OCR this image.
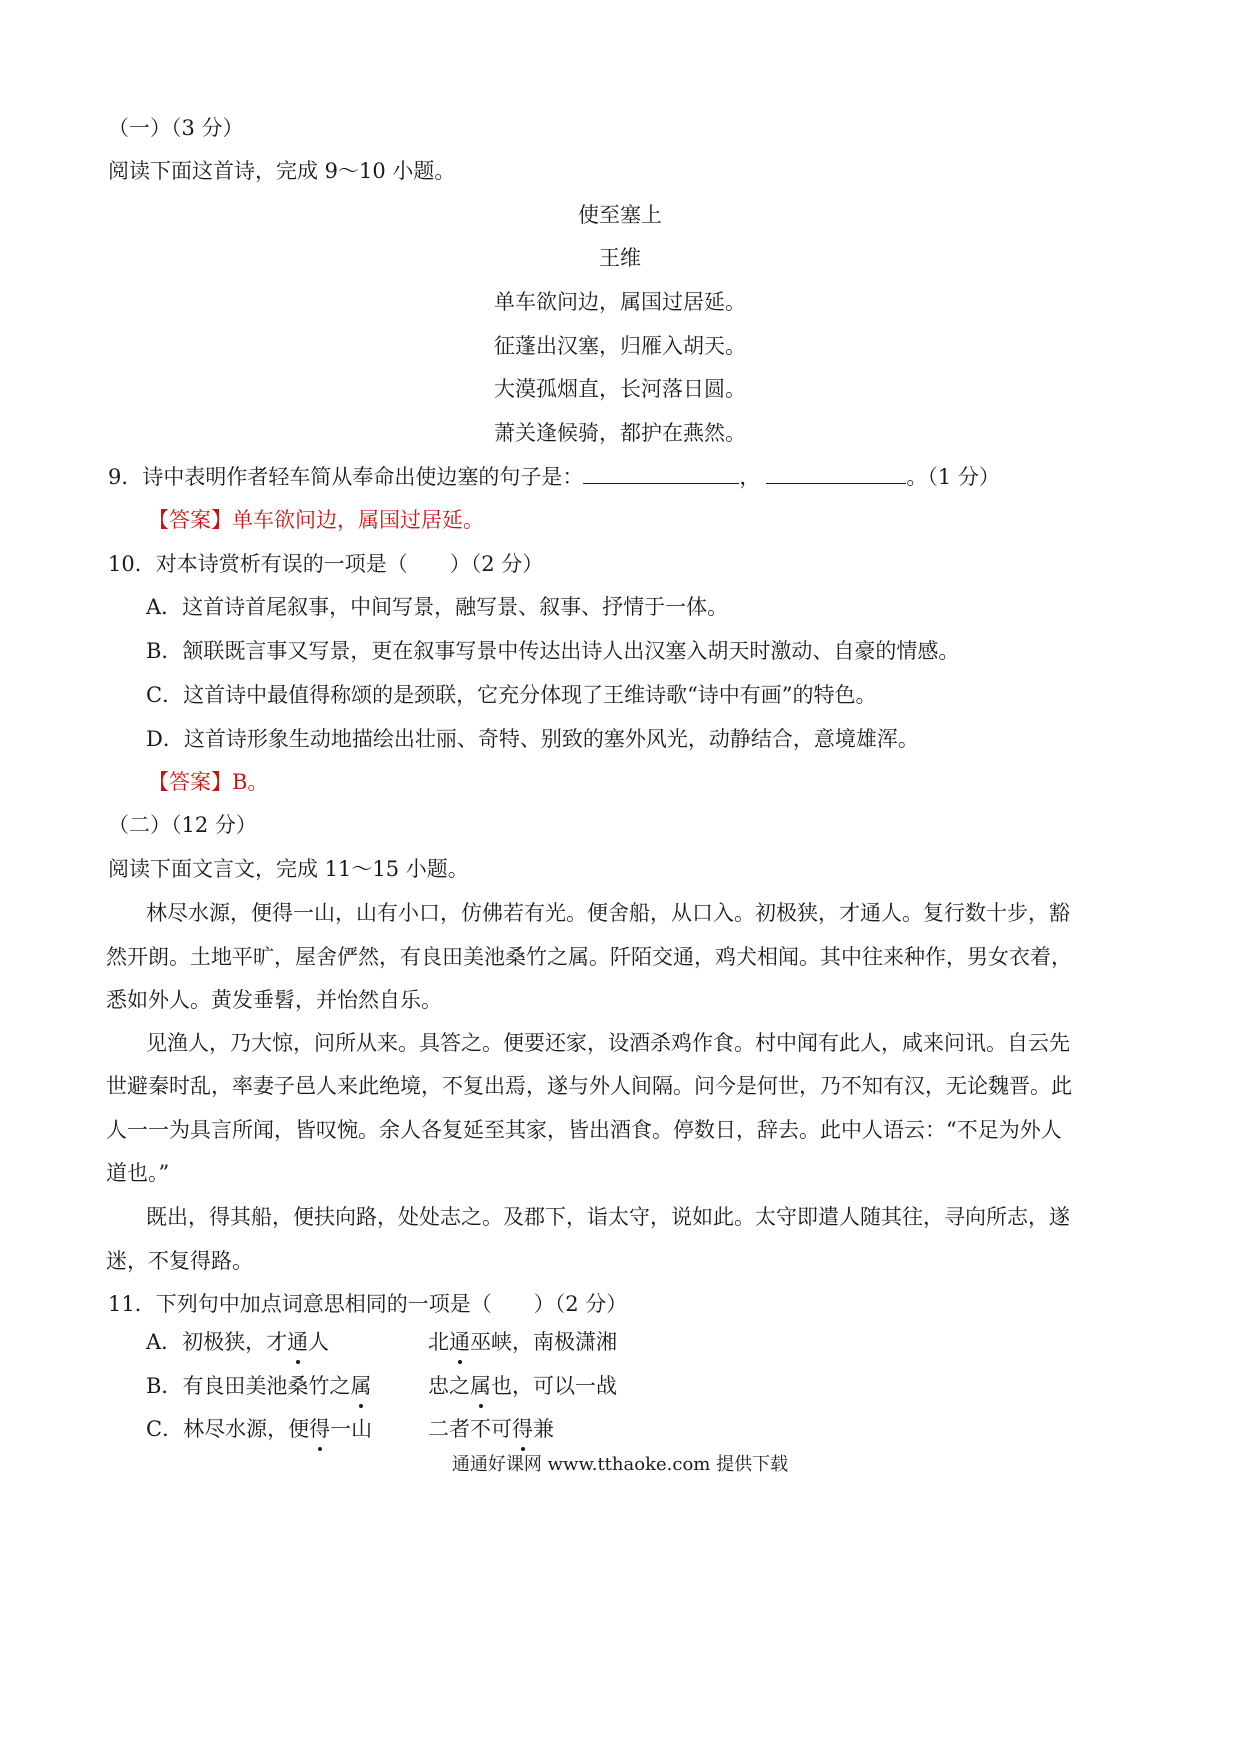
（一）（3 分）
阅读下面这首诗，完成 9～10 小题。
使至塞上
王维
单车欲问边，属国过居延。
征蓬出汉塞，归雁入胡天。
大漠孤烟直，长河落日圆。
萧关逢候骑，都护在燕然。
9．诗中表明作者轻车简从奉命出使边塞的句子是：	，	。（1 分）
【答案】单车欲问边，属国过居延。
10．对本诗赏析有误的一项是（　　）（2 分）
A．这首诗首尾叙事，中间写景，融写景、叙事、抒情于一体。
B．颔联既言事又写景，更在叙事写景中传达出诗人出汉塞入胡天时激动、自豪的情感。
C．这首诗中最值得称颂的是颈联，它充分体现了王维诗歌“诗中有画”的特色。
D．这首诗形象生动地描绘出壮丽、奇特、别致的塞外风光，动静结合，意境雄浑。
【答案】B。
（二）（12 分）
阅读下面文言文，完成 11～15 小题。
林尽水源，便得一山，山有小口，仿佛若有光。便舍船，从口入。初极狭，才通人。复行数十步，豁
然开朗。土地平旷，屋舍俨然，有良田美池桑竹之属。阡陌交通，鸡犬相闻。其中往来种作，男女衣着，
悉如外人。黄发垂髫，并怡然自乐。
见渔人，乃大惊，问所从来。具答之。便要还家，设酒杀鸡作食。村中闻有此人，咸来问讯。自云先
世避秦时乱，率妻子邑人来此绝境，不复出焉，遂与外人间隔。问今是何世，乃不知有汉，无论魏晋。此
人一一为具言所闻，皆叹惋。余人各复延至其家，皆出酒食。停数日，辞去。此中人语云：“不足为外人
道也。”
既出，得其船，便扶向路，处处志之。及郡下，诣太守，说如此。太守即遣人随其往，寻向所志，遂
迷，不复得路。
11．下列句中加点词意思相同的一项是（　　）（2 分）
A．初极狭，才通人	北通巫峡，南极潇湘
B．有良田美池桑竹之属	忠之属也，可以一战
C．林尽水源，便得一山	二者不可得兼
通通好课网 www.tthaoke.com 提供下载
